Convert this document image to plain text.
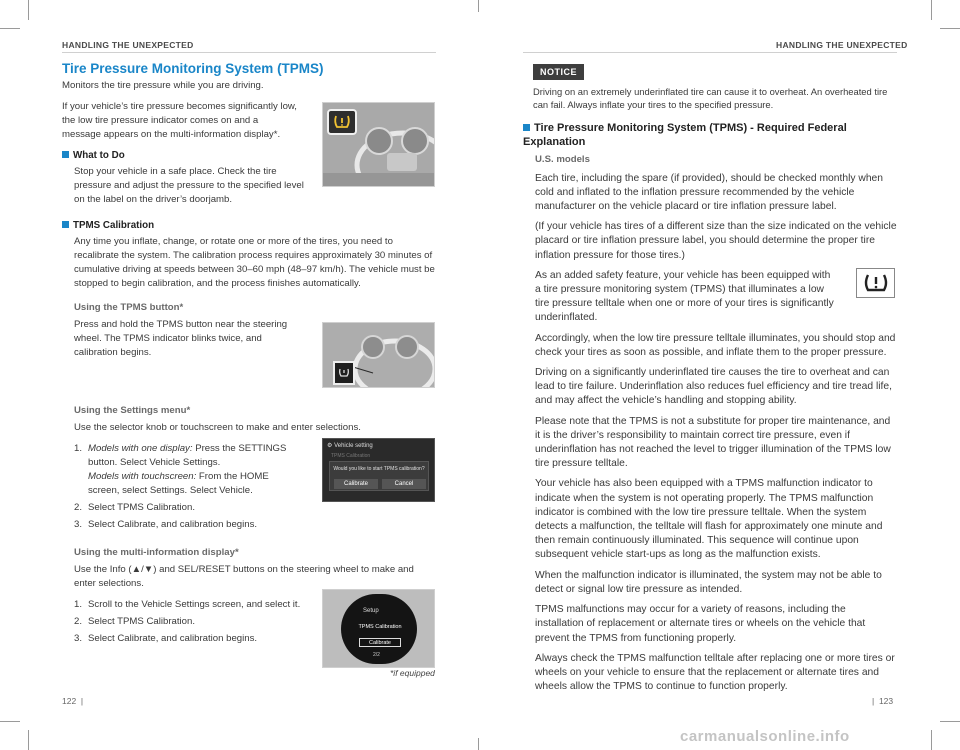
HANDLING THE UNEXPECTED
Tire Pressure Monitoring System (TPMS)

Monitors the tire pressure while you are driving.

If your vehicle’s tire pressure becomes significantly low, the low tire pressure indicator comes on and a message appears on the multi-information display*.

What to Do

Stop your vehicle in a safe place. Check the tire pressure and adjust the pressure to the specified level on the label on the driver’s doorjamb.

TPMS Calibration

Any time you inflate, change, or rotate one or more of the tires, you need to recalibrate the system. The calibration process requires approximately 30 minutes of cumulative driving at speeds between 30–60 mph (48–97 km/h). The vehicle must be stopped to begin calibration, and the process finishes automatically.

Using the TPMS button*

Press and hold the TPMS button near the steering wheel. The TPMS indicator blinks twice, and calibration begins.

Using the Settings menu*

Use the selector knob or touchscreen to make and enter selections.

1. Models with one display: Press the SETTINGS button. Select Vehicle Settings.
Models with touchscreen: From the HOME screen, select Settings. Select Vehicle.
2. Select TPMS Calibration.
3. Select Calibrate, and calibration begins.
Using the multi-information display*

Use the Info (▲/▼) and SEL/RESET buttons on the steering wheel to make and enter selections.

1. Scroll to the Vehicle Settings screen, and select it.
2. Select TPMS Calibration.
3. Select Calibrate, and calibration begins.
⚙ Vehicle setting
TPMS Calibration
Would you like to start TPMS calibration?
Calibrate	Cancel
Setup
TPMS Calibration
Calibrate
2/2
*if equipped
122  |
HANDLING THE UNEXPECTED
NOTICE

Driving on an extremely underinflated tire can cause it to overheat. An overheated tire can fail. Always inflate your tires to the specified pressure.

Tire Pressure Monitoring System (TPMS) - Required Federal Explanation
U.S. models

Each tire, including the spare (if provided), should be checked monthly when cold and inflated to the inflation pressure recommended by the vehicle manufacturer on the vehicle placard or tire inflation pressure label.

(If your vehicle has tires of a different size than the size indicated on the vehicle placard or tire inflation pressure label, you should determine the proper tire inflation pressure for those tires.)

As an added safety feature, your vehicle has been equipped with a tire pressure monitoring system (TPMS) that illuminates a low tire pressure telltale when one or more of your tires is significantly underinflated.

Accordingly, when the low tire pressure telltale illuminates, you should stop and check your tires as soon as possible, and inflate them to the proper pressure.

Driving on a significantly underinflated tire causes the tire to overheat and can lead to tire failure. Underinflation also reduces fuel efficiency and tire tread life, and may affect the vehicle’s handling and stopping ability.

Please note that the TPMS is not a substitute for proper tire maintenance, and it is the driver’s responsibility to maintain correct tire pressure, even if underinflation has not reached the level to trigger illumination of the TPMS low tire pressure telltale.

Your vehicle has also been equipped with a TPMS malfunction indicator to indicate when the system is not operating properly. The TPMS malfunction indicator is combined with the low tire pressure telltale. When the system detects a malfunction, the telltale will flash for approximately one minute and then remain continuously illuminated. This sequence will continue upon subsequent vehicle start-ups as long as the malfunction exists.

When the malfunction indicator is illuminated, the system may not be able to detect or signal low tire pressure as intended.

TPMS malfunctions may occur for a variety of reasons, including the installation of replacement or alternate tires or wheels on the vehicle that prevent the TPMS from functioning properly.

Always check the TPMS malfunction telltale after replacing one or more tires or wheels on your vehicle to ensure that the replacement or alternate tires and wheels allow the TPMS to continue to function properly.

|  123
carmanualsonline.info
